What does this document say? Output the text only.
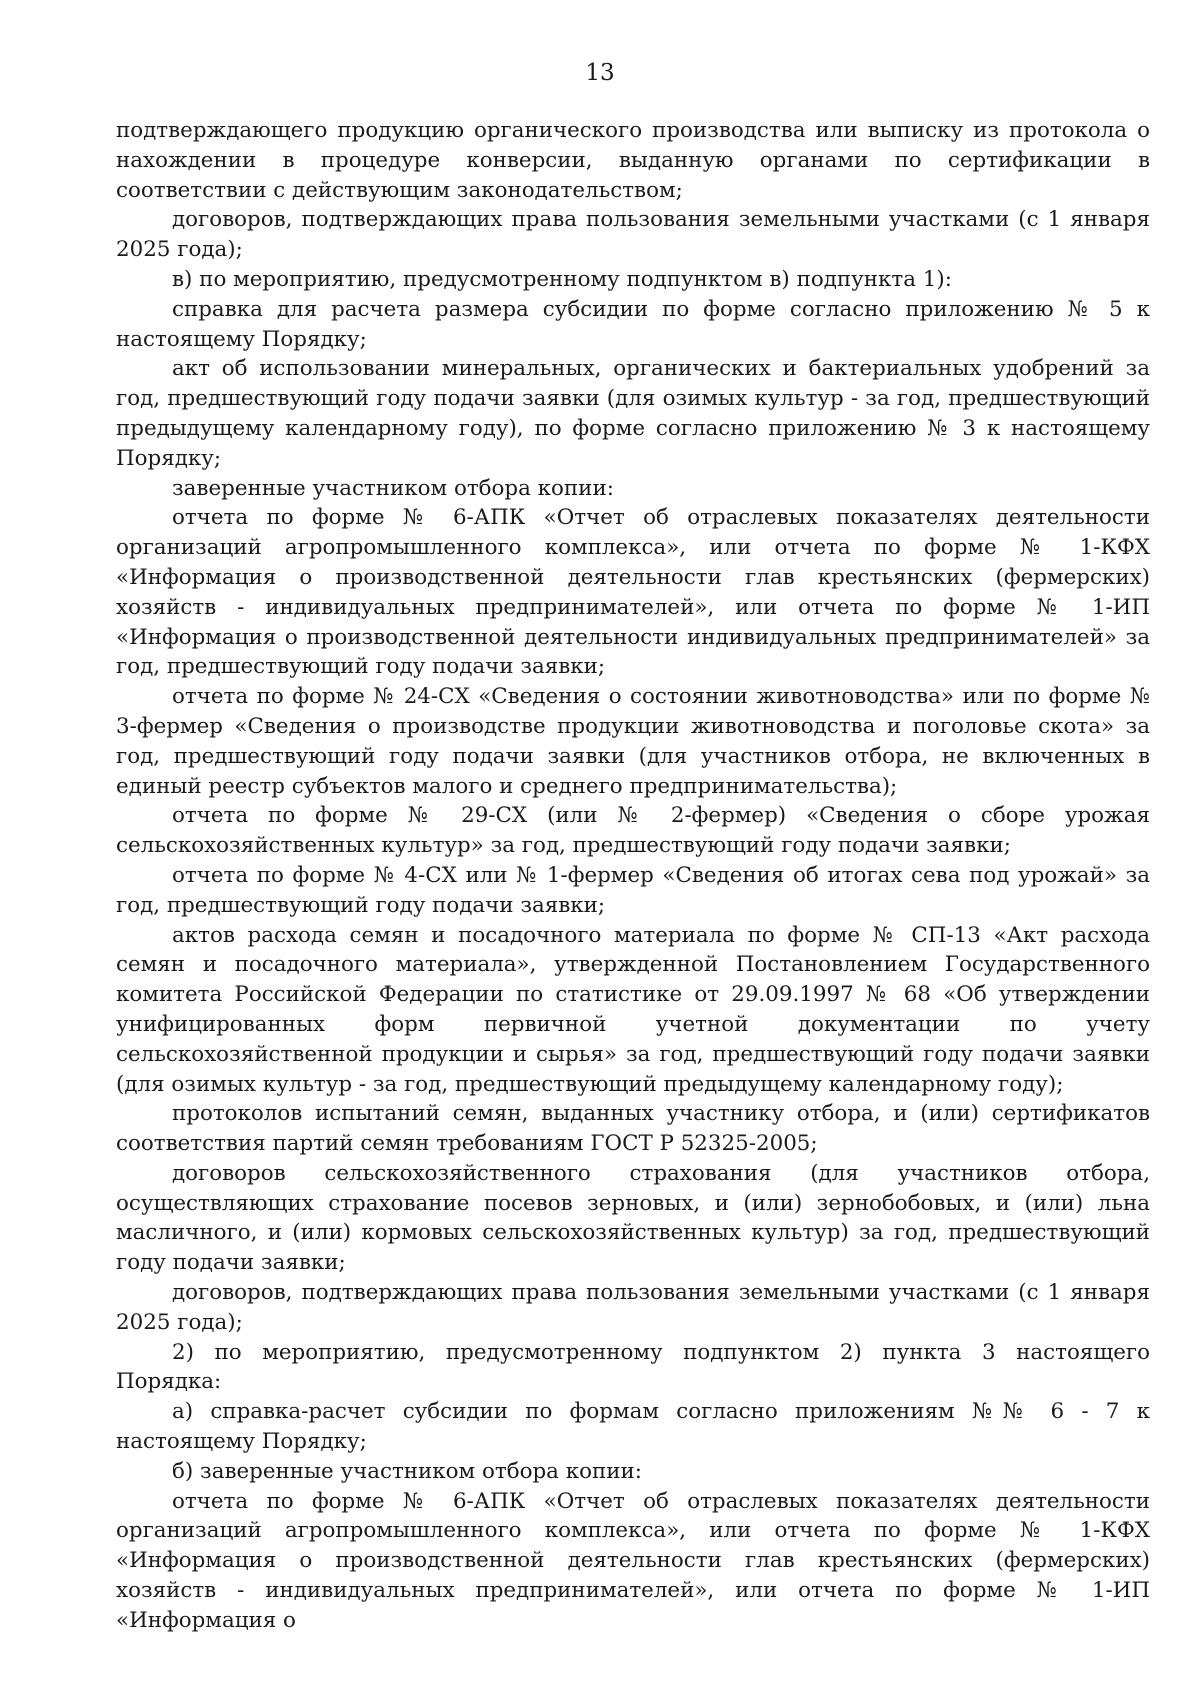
13

подтверждающего продукцию органического производства или выписку из протокола о нахождении в процедуре конверсии, выданную органами по сертификации в соответствии с действующим законодательством;

договоров, подтверждающих права пользования земельными участками (с 1 января 2025 года);

в) по мероприятию, предусмотренному подпунктом в) подпункта 1):

справка для расчета размера субсидии по форме согласно приложению № 5 к настоящему Порядку;

акт об использовании минеральных, органических и бактериальных удобрений за год, предшествующий году подачи заявки (для озимых культур - за год, предшествующий предыдущему календарному году), по форме согласно приложению № 3 к настоящему Порядку;

заверенные участником отбора копии:

отчета по форме № 6-АПК «Отчет об отраслевых показателях деятельности организаций агропромышленного комплекса», или отчета по форме № 1-КФХ «Информация о производственной деятельности глав крестьянских (фермерских) хозяйств - индивидуальных предпринимателей», или отчета по форме № 1-ИП «Информация о производственной деятельности индивидуальных предпринимателей» за год, предшествующий году подачи заявки;

отчета по форме № 24-СХ «Сведения о состоянии животноводства» или по форме № 3-фермер «Сведения о производстве продукции животноводства и поголовье скота» за год, предшествующий году подачи заявки (для участников отбора, не включенных в единый реестр субъектов малого и среднего предпринимательства);

отчета по форме № 29-СХ (или № 2-фермер) «Сведения о сборе урожая сельскохозяйственных культур» за год, предшествующий году подачи заявки;

отчета по форме № 4-СХ или № 1-фермер «Сведения об итогах сева под урожай» за год, предшествующий году подачи заявки;

актов расхода семян и посадочного материала по форме № СП-13 «Акт расхода семян и посадочного материала», утвержденной Постановлением Государственного комитета Российской Федерации по статистике от 29.09.1997 № 68 «Об утверждении унифицированных форм первичной учетной документации по учету сельскохозяйственной продукции и сырья» за год, предшествующий году подачи заявки (для озимых культур - за год, предшествующий предыдущему календарному году);

протоколов испытаний семян, выданных участнику отбора, и (или) сертификатов соответствия партий семян требованиям ГОСТ Р 52325-2005;

договоров сельскохозяйственного страхования (для участников отбора, осуществляющих страхование посевов зерновых, и (или) зернобобовых, и (или) льна масличного, и (или) кормовых сельскохозяйственных культур) за год, предшествующий году подачи заявки;

договоров, подтверждающих права пользования земельными участками (с 1 января 2025 года);

2) по мероприятию, предусмотренному подпунктом 2) пункта 3 настоящего Порядка:

а) справка-расчет субсидии по формам согласно приложениям №№ 6 - 7 к настоящему Порядку;

б) заверенные участником отбора копии:

отчета по форме № 6-АПК «Отчет об отраслевых показателях деятельности организаций агропромышленного комплекса», или отчета по форме № 1-КФХ «Информация о производственной деятельности глав крестьянских (фермерских) хозяйств - индивидуальных предпринимателей», или отчета по форме № 1-ИП «Информация о
